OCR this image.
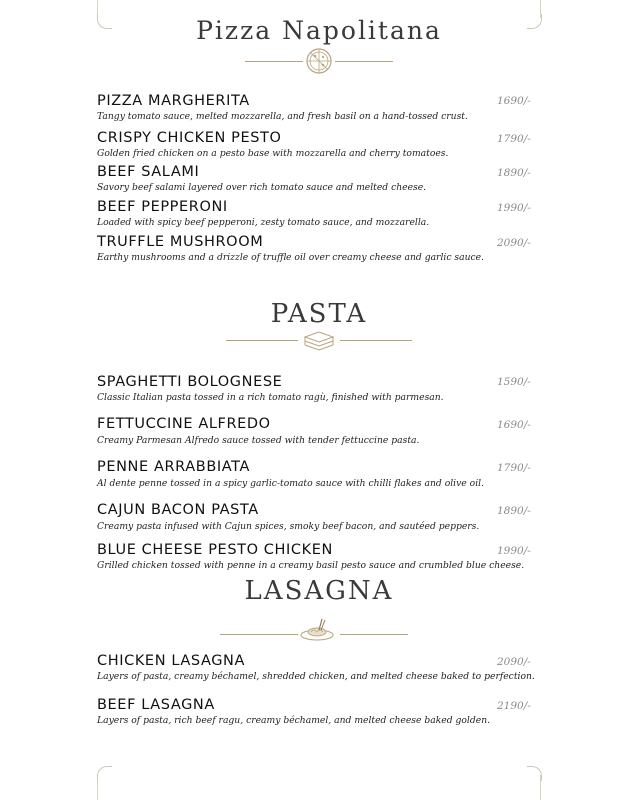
Pizza Napolitana
PIZZA MARGHERITA
Tangy tomato sauce, melted mozzarella, and fresh basil on a hand-tossed crust.
1690/-
CRISPY CHICKEN PESTO
Golden fried chicken on a pesto base with mozzarella and cherry tomatoes.
1790/-
BEEF SALAMI
Savory beef salami layered over rich tomato sauce and melted cheese.
1890/-
BEEF PEPPERONI
Loaded with spicy beef pepperoni, zesty tomato sauce, and mozzarella.
1990/-
TRUFFLE MUSHROOM
Earthy mushrooms and a drizzle of truffle oil over creamy cheese and garlic sauce.
2090/-
PASTA
SPAGHETTI BOLOGNESE
Classic Italian pasta tossed in a rich tomato ragù, finished with parmesan.
1590/-
FETTUCCINE ALFREDO
Creamy Parmesan Alfredo sauce tossed with tender fettuccine pasta.
1690/-
PENNE ARRABBIATA
Al dente penne tossed in a spicy garlic-tomato sauce with chilli flakes and olive oil.
1790/-
CAJUN BACON PASTA
Creamy pasta infused with Cajun spices, smoky beef bacon, and sautéed peppers.
1890/-
BLUE CHEESE PESTO CHICKEN
Grilled chicken tossed with penne in a creamy basil pesto sauce and crumbled blue cheese.
1990/-
LASAGNA
CHICKEN LASAGNA
Layers of pasta, creamy béchamel, shredded chicken, and melted cheese baked to perfection.
2090/-
BEEF LASAGNA
Layers of pasta, rich beef ragu, creamy béchamel, and melted cheese baked golden.
2190/-
